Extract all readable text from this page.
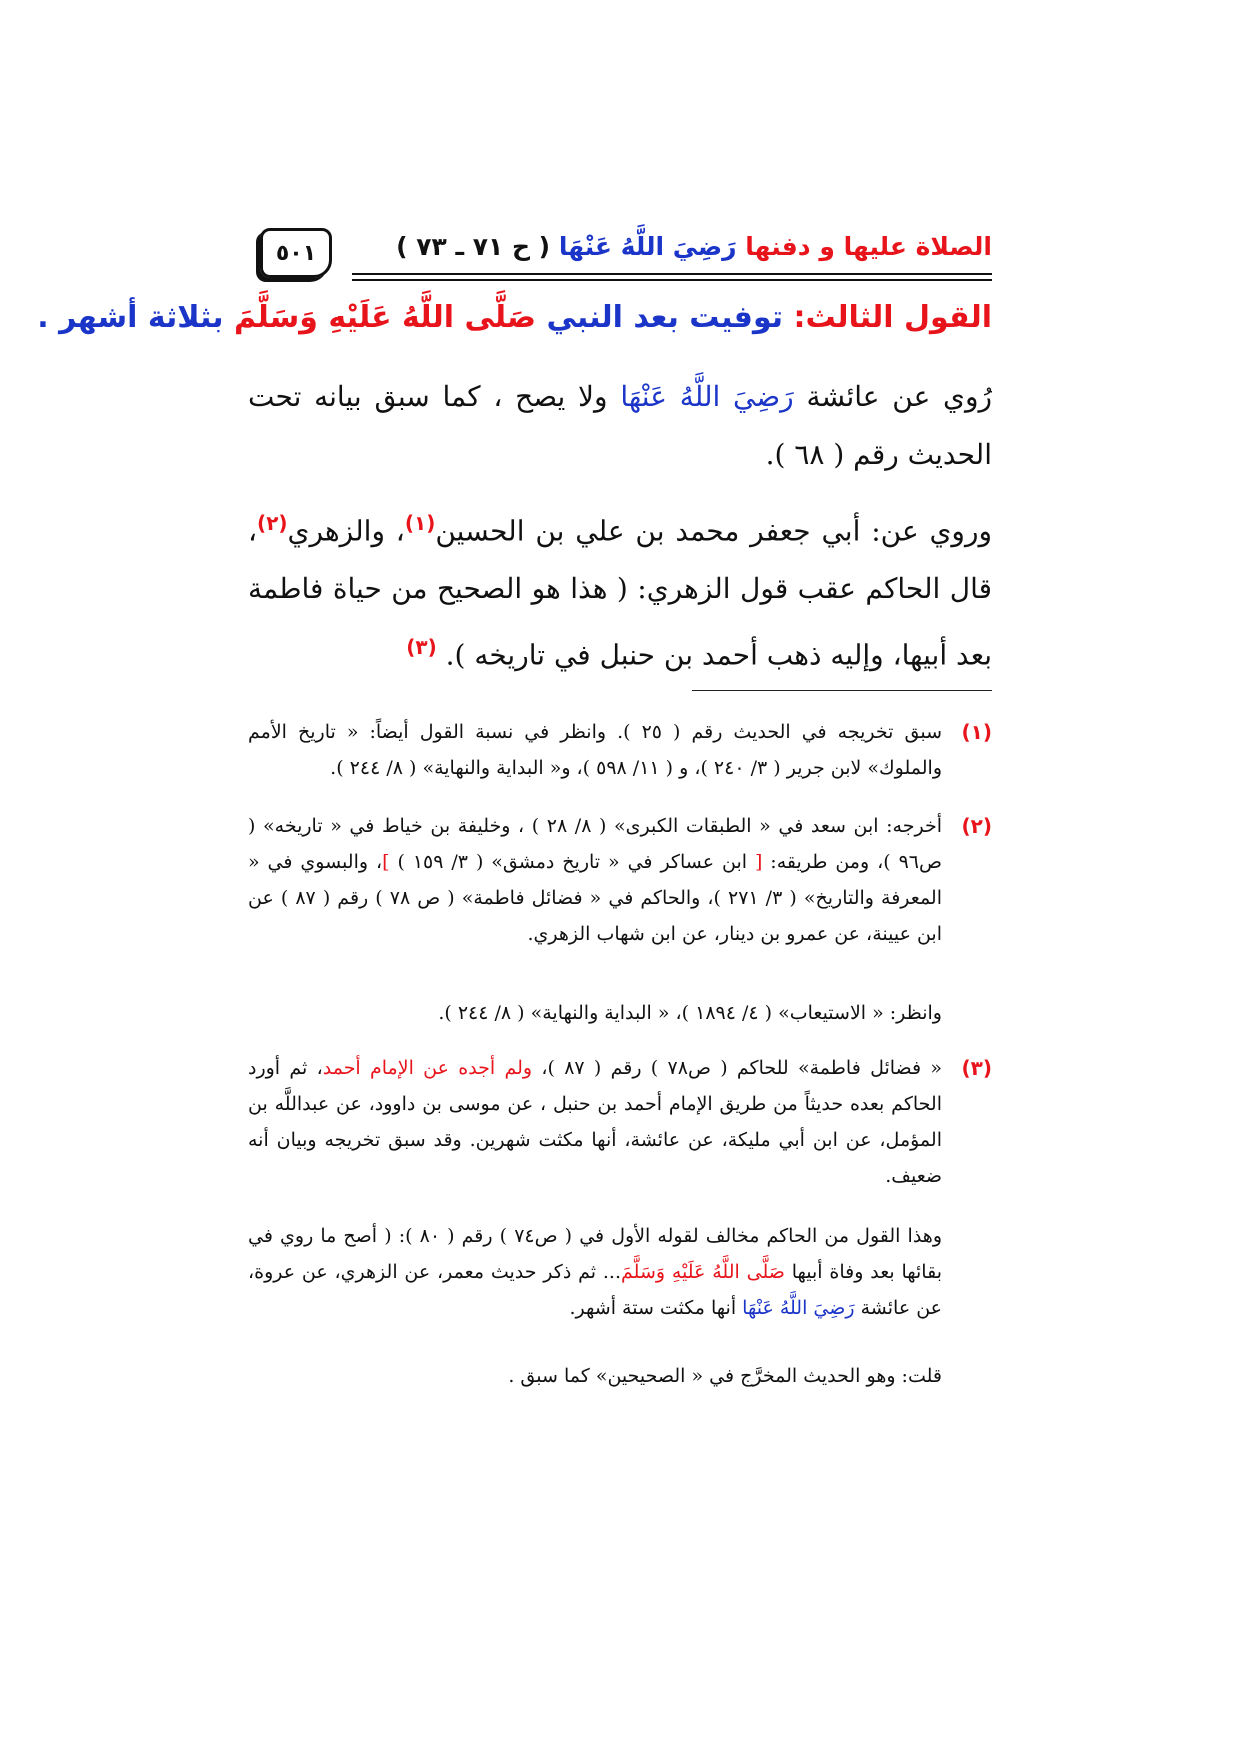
٥٠١	الصلاة عليها و دفنها رَضِيَ اللَّهُ عَنْهَا ( ح ٧١ ـ ٧٣ )
القول الثالث: توفيت بعد النبي صَلَّى اللَّهُ عَلَيْهِ وَسَلَّمَ بثلاثة أشهر .
رُوي عن عائشة رَضِيَ اللَّهُ عَنْهَا ولا يصح ، كما سبق بيانه تحت الحديث رقم ( ٦٨ ).
وروي عن: أبي جعفر محمد بن علي بن الحسين$^{(١)}$، والزهري$^{(٢)}$، قال الحاكم عقب قول الزهري: ( هذا هو الصحيح من حياة فاطمة بعد أبيها، وإليه ذهب أحمد بن حنبل في تاريخه ). $^{(٣)}$
(١)
سبق تخريجه في الحديث رقم ( ٢٥ ). وانظر في نسبة القول أيضاً: « تاريخ الأمم والملوك» لابن جرير ( ٣/ ٢٤٠ )، و ( ١١/ ٥٩٨ )، و« البداية والنهاية» ( ٨/ ٢٤٤ ).
(٢)
أخرجه: ابن سعد في « الطبقات الكبرى» ( ٨/ ٢٨ ) ، وخليفة بن خياط في « تاريخه» ( ص٩٦ )، ومن طريقه: [ ابن عساكر في « تاريخ دمشق» ( ٣/ ١٥٩ ) ]، والبسوي في « المعرفة والتاريخ» ( ٣/ ٢٧١ )، والحاكم في « فضائل فاطمة» ( ص ٧٨ ) رقم ( ٨٧ ) عن ابن عيينة، عن عمرو بن دينار، عن ابن شهاب الزهري.
وانظر: « الاستيعاب» ( ٤/ ١٨٩٤ )، « البداية والنهاية» ( ٨/ ٢٤٤ ).
(٣)
« فضائل فاطمة» للحاكم ( ص٧٨ ) رقم ( ٨٧ )، ولم أجده عن الإمام أحمد، ثم أورد الحاكم بعده حديثاً من طريق الإمام أحمد بن حنبل ، عن موسى بن داوود، عن عبداللَّه بن المؤمل، عن ابن أبي مليكة، عن عائشة، أنها مكثت شهرين. وقد سبق تخريجه وبيان أنه ضعيف.
وهذا القول من الحاكم مخالف لقوله الأول في ( ص٧٤ ) رقم ( ٨٠ ): ( أصح ما روي في بقائها بعد وفاة أبيها صَلَّى اللَّهُ عَلَيْهِ وَسَلَّمَ... ثم ذكر حديث معمر، عن الزهري، عن عروة، عن عائشة رَضِيَ اللَّهُ عَنْهَا أنها مكثت ستة أشهر.
قلت: وهو الحديث المخرَّج في « الصحيحين» كما سبق .
